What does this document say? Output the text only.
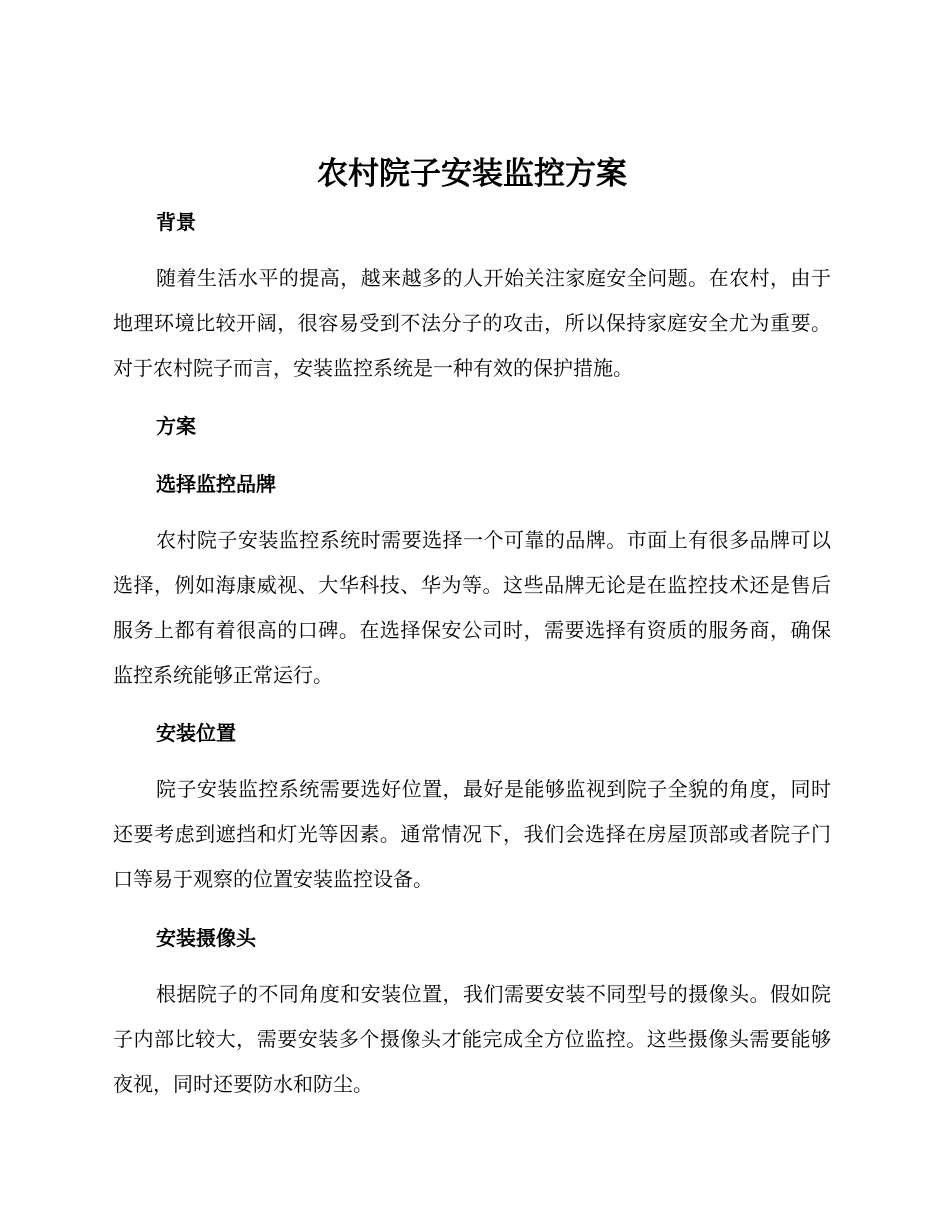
农村院子安装监控方案
背景

随着生活水平的提高，越来越多的人开始关注家庭安全问题。在农村，由于地理环境比较开阔，很容易受到不法分子的攻击，所以保持家庭安全尤为重要。对于农村院子而言，安装监控系统是一种有效的保护措施。

方案
选择监控品牌

农村院子安装监控系统时需要选择一个可靠的品牌。市面上有很多品牌可以选择，例如海康威视、大华科技、华为等。这些品牌无论是在监控技术还是售后服务上都有着很高的口碑。在选择保安公司时，需要选择有资质的服务商，确保监控系统能够正常运行。

安装位置

院子安装监控系统需要选好位置，最好是能够监视到院子全貌的角度，同时还要考虑到遮挡和灯光等因素。通常情况下，我们会选择在房屋顶部或者院子门口等易于观察的位置安装监控设备。

安装摄像头

根据院子的不同角度和安装位置，我们需要安装不同型号的摄像头。假如院子内部比较大，需要安装多个摄像头才能完成全方位监控。这些摄像头需要能够夜视，同时还要防水和防尘。
